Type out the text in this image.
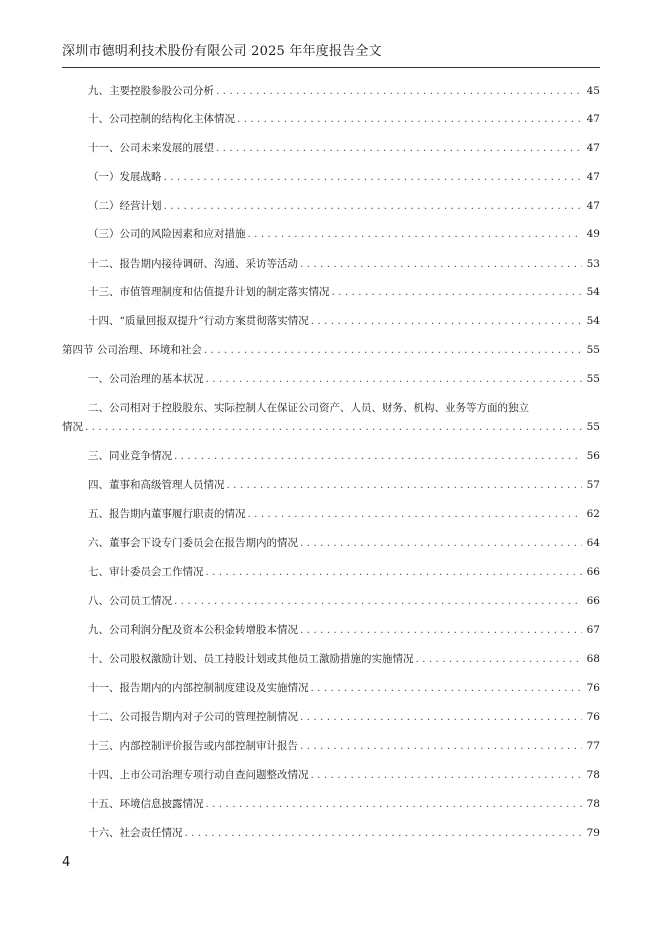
深圳市德明利技术股份有限公司 2025 年年度报告全文
九、主要控股参股公司分析 . . .	45
十、公司控制的结构化主体情况 . . .	47
十一、公司未来发展的展望 . . .	47
（一）发展战略 . . .	47
（二）经营计划 . . .	47
（三）公司的风险因素和应对措施 . . .	49
十二、报告期内接待调研、沟通、采访等活动 . . .	53
十三、市值管理制度和估值提升计划的制定落实情况 . . .	54
十四、“质量回报双提升”行动方案贯彻落实情况 . . .	54
第四节 公司治理、环境和社会 . . .	55
一、公司治理的基本状况 . . .	55
二、公司相对于控股股东、实际控制人在保证公司资产、人员、财务、机构、业务等方面的独立
情况 . . .	55
三、同业竞争情况 . . .	56
四、董事和高级管理人员情况 . . .	57
五、报告期内董事履行职责的情况 . . .	62
六、董事会下设专门委员会在报告期内的情况 . . .	64
七、审计委员会工作情况 . . .	66
八、公司员工情况 . . .	66
九、公司利润分配及资本公积金转增股本情况 . . .	67
十、公司股权激励计划、员工持股计划或其他员工激励措施的实施情况 . . .	68
十一、报告期内的内部控制制度建设及实施情况 . . .	76
十二、公司报告期内对子公司的管理控制情况 . . .	76
十三、内部控制评价报告或内部控制审计报告 . . .	77
十四、上市公司治理专项行动自查问题整改情况 . . .	78
十五、环境信息披露情况 . . .	78
十六、社会责任情况 . . .	79
4
